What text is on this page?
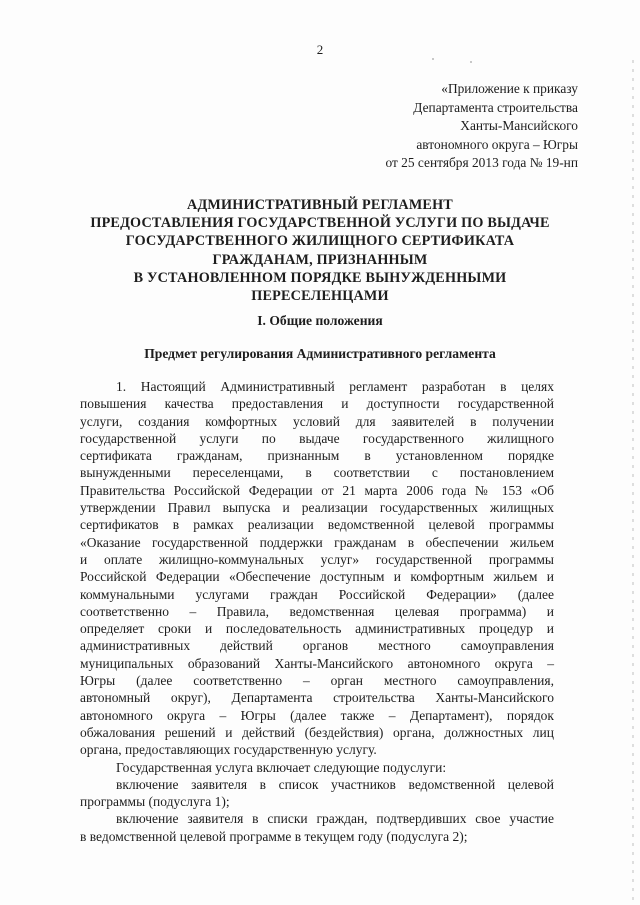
2
«Приложение к приказу
Департамента строительства
Ханты-Мансийского
автономного округа – Югры
от 25 сентября 2013 года № 19-нп
АДМИНИСТРАТИВНЫЙ РЕГЛАМЕНТ
ПРЕДОСТАВЛЕНИЯ ГОСУДАРСТВЕННОЙ УСЛУГИ ПО ВЫДАЧЕ
ГОСУДАРСТВЕННОГО ЖИЛИЩНОГО СЕРТИФИКАТА
ГРАЖДАНАМ, ПРИЗНАННЫМ
В УСТАНОВЛЕННОМ ПОРЯДКЕ ВЫНУЖДЕННЫМИ
ПЕРЕСЕЛЕНЦАМИ
I. Общие положения
Предмет регулирования Административного регламента
1. Настоящий Административный регламент разработан в целях
повышения качества предоставления и доступности государственной
услуги, создания комфортных условий для заявителей в получении
государственной услуги по выдаче государственного жилищного
сертификата гражданам, признанным в установленном порядке
вынужденными переселенцами, в соответствии с постановлением
Правительства Российской Федерации от 21 марта 2006 года № 153 «Об
утверждении Правил выпуска и реализации государственных жилищных
сертификатов в рамках реализации ведомственной целевой программы
«Оказание государственной поддержки гражданам в обеспечении жильем
и оплате жилищно-коммунальных услуг» государственной программы
Российской Федерации «Обеспечение доступным и комфортным жильем и
коммунальными услугами граждан Российской Федерации» (далее
соответственно – Правила, ведомственная целевая программа) и
определяет сроки и последовательность административных процедур и
административных действий органов местного самоуправления
муниципальных образований Ханты-Мансийского автономного округа –
Югры (далее соответственно – орган местного самоуправления,
автономный округ), Департамента строительства Ханты-Мансийского
автономного округа – Югры (далее также – Департамент), порядок
обжалования решений и действий (бездействия) органа, должностных лиц
органа, предоставляющих государственную услугу.
Государственная услуга включает следующие подуслуги:
включение заявителя в список участников ведомственной целевой
программы (подуслуга 1);
включение заявителя в списки граждан, подтвердивших свое участие
в ведомственной целевой программе в текущем году (подуслуга 2);
